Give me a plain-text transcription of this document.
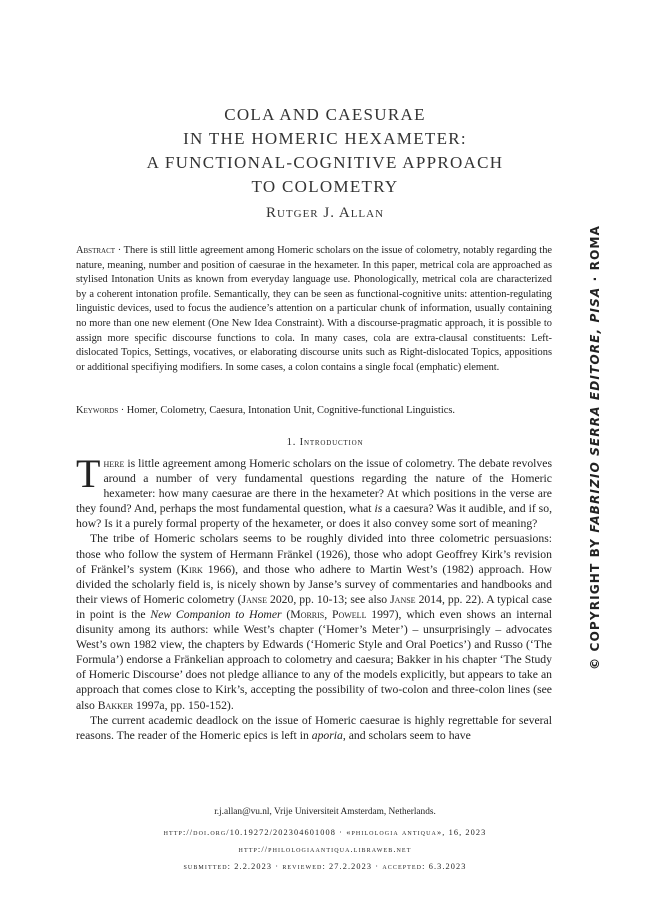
COLA AND CAESURAE
IN THE HOMERIC HEXAMETER:
A FUNCTIONAL-COGNITIVE APPROACH
TO COLOMETRY
Rutger J. Allan
Abstract · There is still little agreement among Homeric scholars on the issue of colometry, notably regarding the nature, meaning, number and position of caesurae in the hexameter. In this paper, metrical cola are approached as stylised Intonation Units as known from everyday language use. Phonologically, metrical cola are characterized by a coherent intonation profile. Semantically, they can be seen as functional-cognitive units: attention-regulating linguistic devices, used to focus the audience’s attention on a particular chunk of information, usually containing no more than one new element (One New Idea Constraint). With a discourse-pragmatic approach, it is possible to assign more specific discourse functions to cola. In many cases, cola are extra-clausal constituents: Left-dislocated Topics, Settings, vocatives, or elaborating discourse units such as Right-dislocated Topics, appositions or additional specifiying modifiers. In some cases, a colon contains a single focal (emphatic) element.
Keywords · Homer, Colometry, Caesura, Intonation Unit, Cognitive-functional Linguistics.
1. Introduction

There is little agreement among Homeric scholars on the issue of colometry. The debate revolves around a number of very fundamental questions regarding the nature of the Homeric hexameter: how many caesurae are there in the hexameter? At which positions in the verse are they found? And, perhaps the most fundamental question, what is a caesura? Was it audible, and if so, how? Is it a purely formal property of the hexameter, or does it also convey some sort of meaning?

The tribe of Homeric scholars seems to be roughly divided into three colometric persuasions: those who follow the system of Hermann Fränkel (1926), those who adopt Geoffrey Kirk’s revision of Fränkel’s system (Kirk 1966), and those who adhere to Martin West’s (1982) approach. How divided the scholarly field is, is nicely shown by Janse’s survey of commentaries and handbooks and their views of Homeric colometry (Janse 2020, pp. 10-13; see also Janse 2014, pp. 22). A typical case in point is the New Companion to Homer (Morris, Powell 1997), which even shows an internal disunity among its authors: while West’s chapter (‘Homer’s Meter’) – unsurprisingly – advocates West’s own 1982 view, the chapters by Edwards (‘Homeric Style and Oral Poetics’) and Russo (‘The Formula’) endorse a Fränkelian approach to colometry and caesura; Bakker in his chapter ‘The Study of Homeric Discourse’ does not pledge alliance to any of the models explicitly, but appears to take an approach that comes close to Kirk’s, accepting the possibility of two-colon and three-colon lines (see also Bakker 1997a, pp. 150-152).

The current academic deadlock on the issue of Homeric caesurae is highly regrettable for several reasons. The reader of the Homeric epics is left in aporia, and scholars seem to have

r.j.allan@vu.nl, Vrije Universiteit Amsterdam, Netherlands.
http://doi.org/10.19272/202304601008 · «philologia antiqua», 16, 2023
http://philologiaantiqua.libraweb.net
submitted: 2.2.2023 · reviewed: 27.2.2023 · accepted: 6.3.2023
© COPYRIGHT BY FABRIZIO SERRA EDITORE, PISA · ROMA
